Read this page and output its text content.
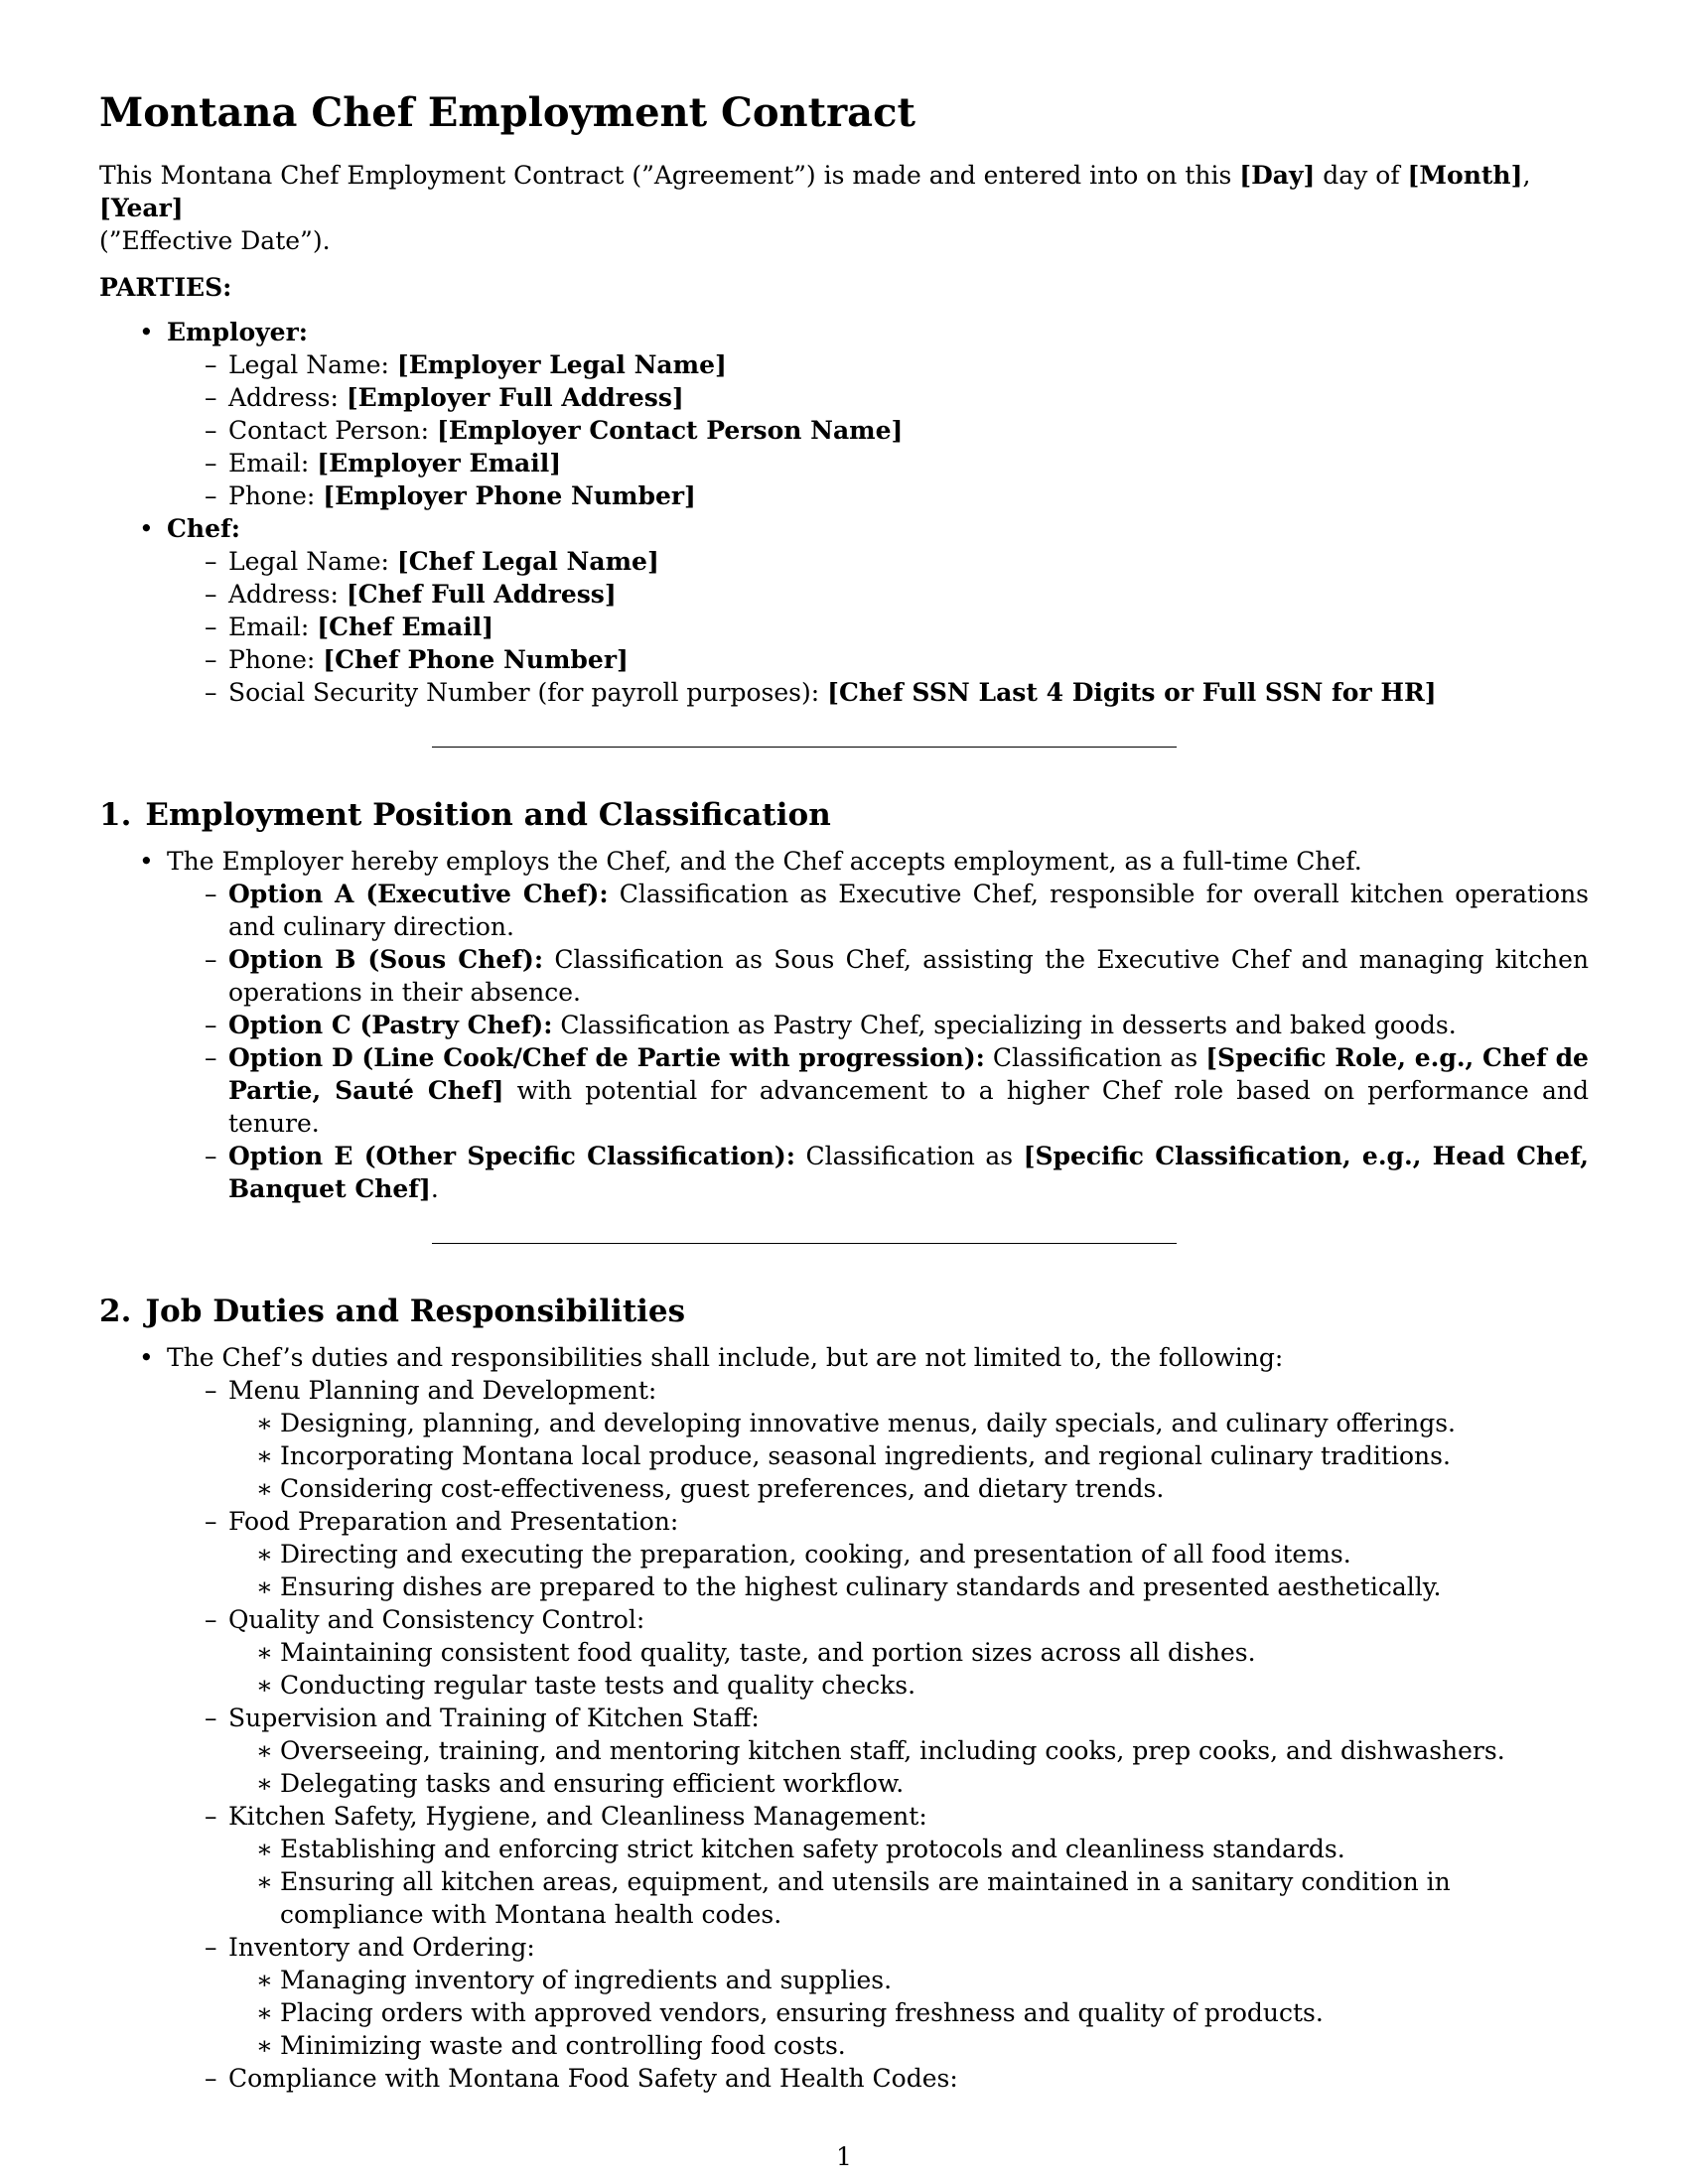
Montana Chef Employment Contract

This Montana Chef Employment Contract (”Agreement”) is made and entered into on this [Day] day of [Month], [Year]
(”Effective Date”).

PARTIES:

• Employer:
– Legal Name: [Employer Legal Name]
– Address: [Employer Full Address]
– Contact Person: [Employer Contact Person Name]
– Email: [Employer Email]
– Phone: [Employer Phone Number]
• Chef:
– Legal Name: [Chef Legal Name]
– Address: [Chef Full Address]
– Email: [Chef Email]
– Phone: [Chef Phone Number]
– Social Security Number (for payroll purposes): [Chef SSN Last 4 Digits or Full SSN for HR]
1. Employment Position and Classification
• The Employer hereby employs the Chef, and the Chef accepts employment, as a full-time Chef.
– Option A (Executive Chef): Classification as Executive Chef, responsible for overall kitchen operations and culinary direction.
– Option B (Sous Chef): Classification as Sous Chef, assisting the Executive Chef and managing kitchen operations in their absence.
– Option C (Pastry Chef): Classification as Pastry Chef, specializing in desserts and baked goods.
– Option D (Line Cook/Chef de Partie with progression): Classification as [Specific Role, e.g., Chef de Partie, Sauté Chef] with potential for advancement to a higher Chef role based on performance and tenure.
– Option E (Other Specific Classification): Classification as [Specific Classification, e.g., Head Chef, Banquet Chef].
2. Job Duties and Responsibilities
• The Chef’s duties and responsibilities shall include, but are not limited to, the following:
– Menu Planning and Development:
∗ Designing, planning, and developing innovative menus, daily specials, and culinary offerings.
∗ Incorporating Montana local produce, seasonal ingredients, and regional culinary traditions.
∗ Considering cost-effectiveness, guest preferences, and dietary trends.
– Food Preparation and Presentation:
∗ Directing and executing the preparation, cooking, and presentation of all food items.
∗ Ensuring dishes are prepared to the highest culinary standards and presented aesthetically.
– Quality and Consistency Control:
∗ Maintaining consistent food quality, taste, and portion sizes across all dishes.
∗ Conducting regular taste tests and quality checks.
– Supervision and Training of Kitchen Staff:
∗ Overseeing, training, and mentoring kitchen staff, including cooks, prep cooks, and dishwashers.
∗ Delegating tasks and ensuring efficient workflow.
– Kitchen Safety, Hygiene, and Cleanliness Management:
∗ Establishing and enforcing strict kitchen safety protocols and cleanliness standards.
∗ Ensuring all kitchen areas, equipment, and utensils are maintained in a sanitary condition in compliance with Montana health codes.
– Inventory and Ordering:
∗ Managing inventory of ingredients and supplies.
∗ Placing orders with approved vendors, ensuring freshness and quality of products.
∗ Minimizing waste and controlling food costs.
– Compliance with Montana Food Safety and Health Codes:
1
